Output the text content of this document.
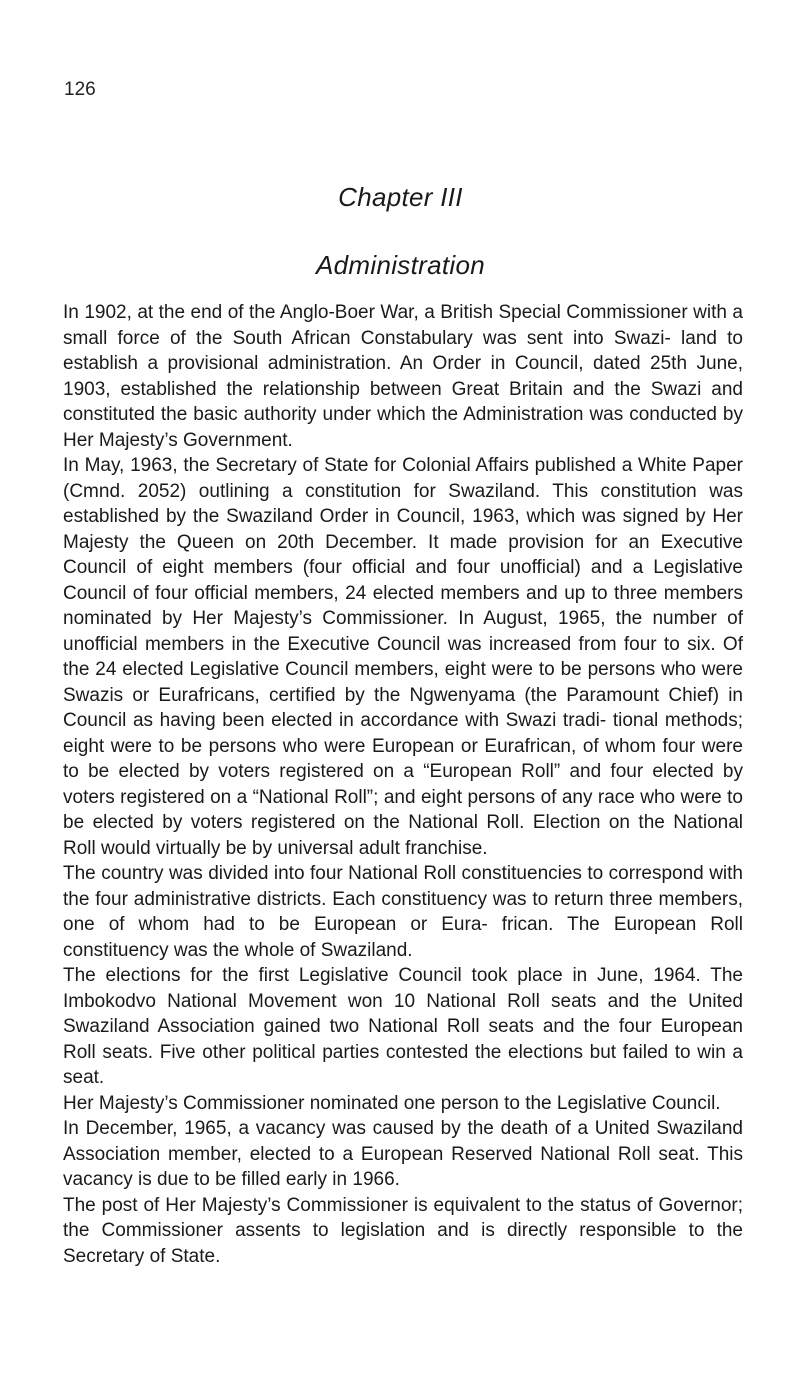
126
Chapter III
Administration

In 1902, at the end of the Anglo-Boer War, a British Special Commissioner with a small force of the South African Constabulary was sent into Swazi- land to establish a provisional administration. An Order in Council, dated 25th June, 1903, established the relationship between Great Britain and the Swazi and constituted the basic authority under which the Administration was conducted by Her Majesty’s Government.

In May, 1963, the Secretary of State for Colonial Affairs published a White Paper (Cmnd. 2052) outlining a constitution for Swaziland. This constitution was established by the Swaziland Order in Council, 1963, which was signed by Her Majesty the Queen on 20th December. It made provision for an Executive Council of eight members (four official and four unofficial) and a Legislative Council of four official members, 24 elected members and up to three members nominated by Her Majesty’s Commissioner. In August, 1965, the number of unofficial members in the Executive Council was increased from four to six. Of the 24 elected Legislative Council members, eight were to be persons who were Swazis or Eurafricans, certified by the Ngwenyama (the Paramount Chief) in Council as having been elected in accordance with Swazi tradi- tional methods; eight were to be persons who were European or Eurafrican, of whom four were to be elected by voters registered on a “European Roll” and four elected by voters registered on a “National Roll”; and eight persons of any race who were to be elected by voters registered on the National Roll. Election on the National Roll would virtually be by universal adult franchise.

The country was divided into four National Roll constituencies to correspond with the four administrative districts. Each constituency was to return three members, one of whom had to be European or Eura- frican. The European Roll constituency was the whole of Swaziland.

The elections for the first Legislative Council took place in June, 1964. The Imbokodvo National Movement won 10 National Roll seats and the United Swaziland Association gained two National Roll seats and the four European Roll seats. Five other political parties contested the elections but failed to win a seat.

Her Majesty’s Commissioner nominated one person to the Legislative Council.

In December, 1965, a vacancy was caused by the death of a United Swaziland Association member, elected to a European Reserved National Roll seat. This vacancy is due to be filled early in 1966.

The post of Her Majesty’s Commissioner is equivalent to the status of Governor; the Commissioner assents to legislation and is directly responsible to the Secretary of State.
